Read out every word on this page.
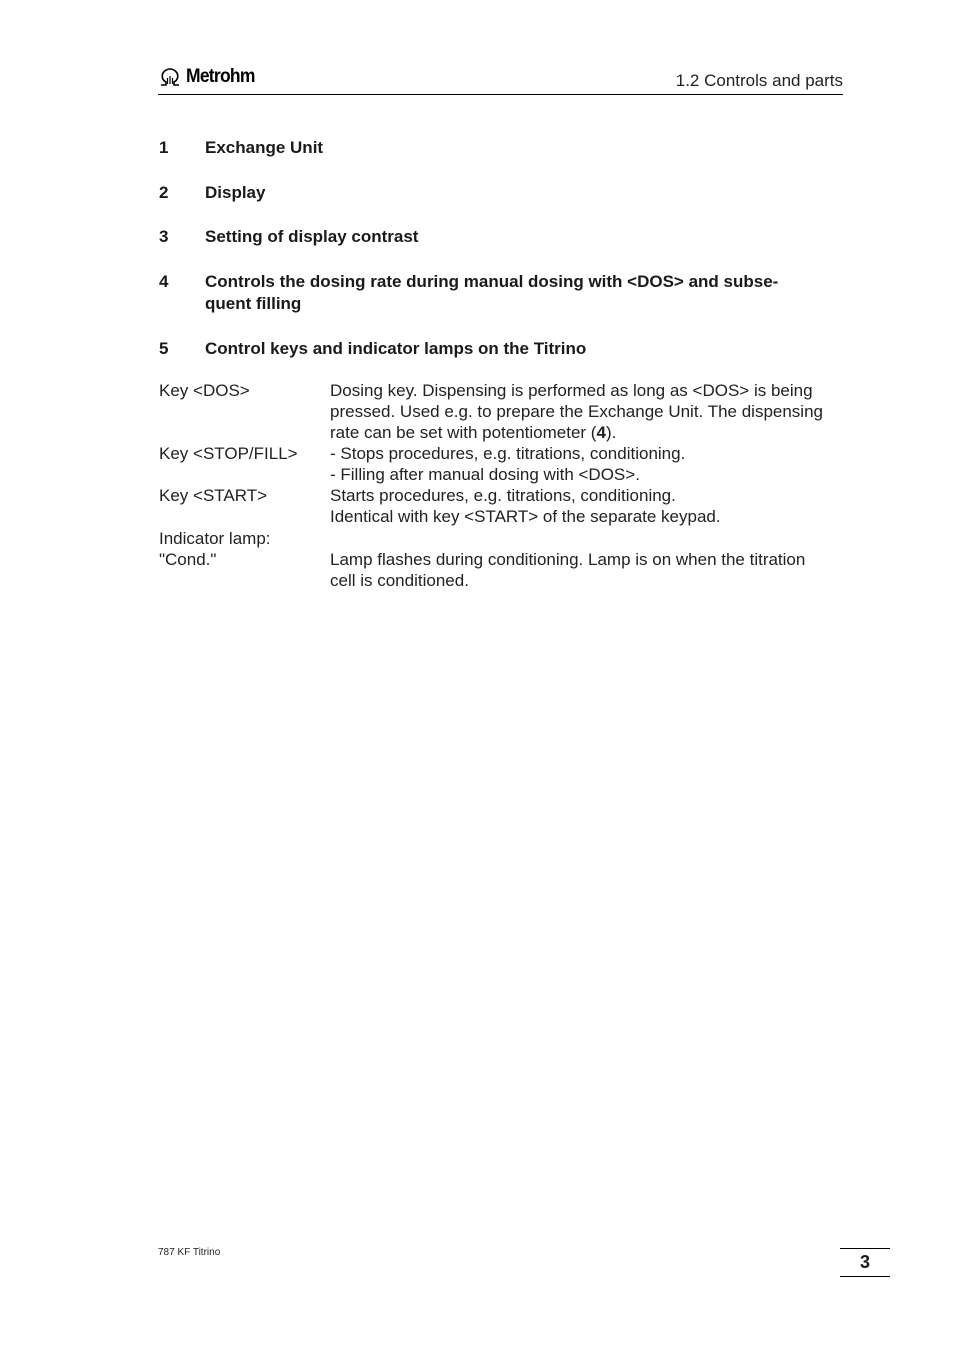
Metrohm	1.2 Controls and parts
1	Exchange Unit
2	Display
3	Setting of display contrast
4	Controls the dosing rate during manual dosing with <DOS> and subse-
quent filling
5	Control keys and indicator lamps on the Titrino
Key <DOS>	Dosing key. Dispensing is performed as long as <DOS> is being

pressed. Used e.g. to prepare the Exchange Unit. The dispensing

rate can be set with potentiometer (4).

Key <STOP/FILL>	- Stops procedures, e.g. titrations, conditioning.

- Filling after manual dosing with <DOS>.

Key <START>	Starts procedures, e.g. titrations, conditioning.

Identical with key <START> of the separate keypad.

Indicator lamp:
"Cond."	Lamp flashes during conditioning. Lamp is on when the titration

cell is conditioned.

787 KF Titrino	3
